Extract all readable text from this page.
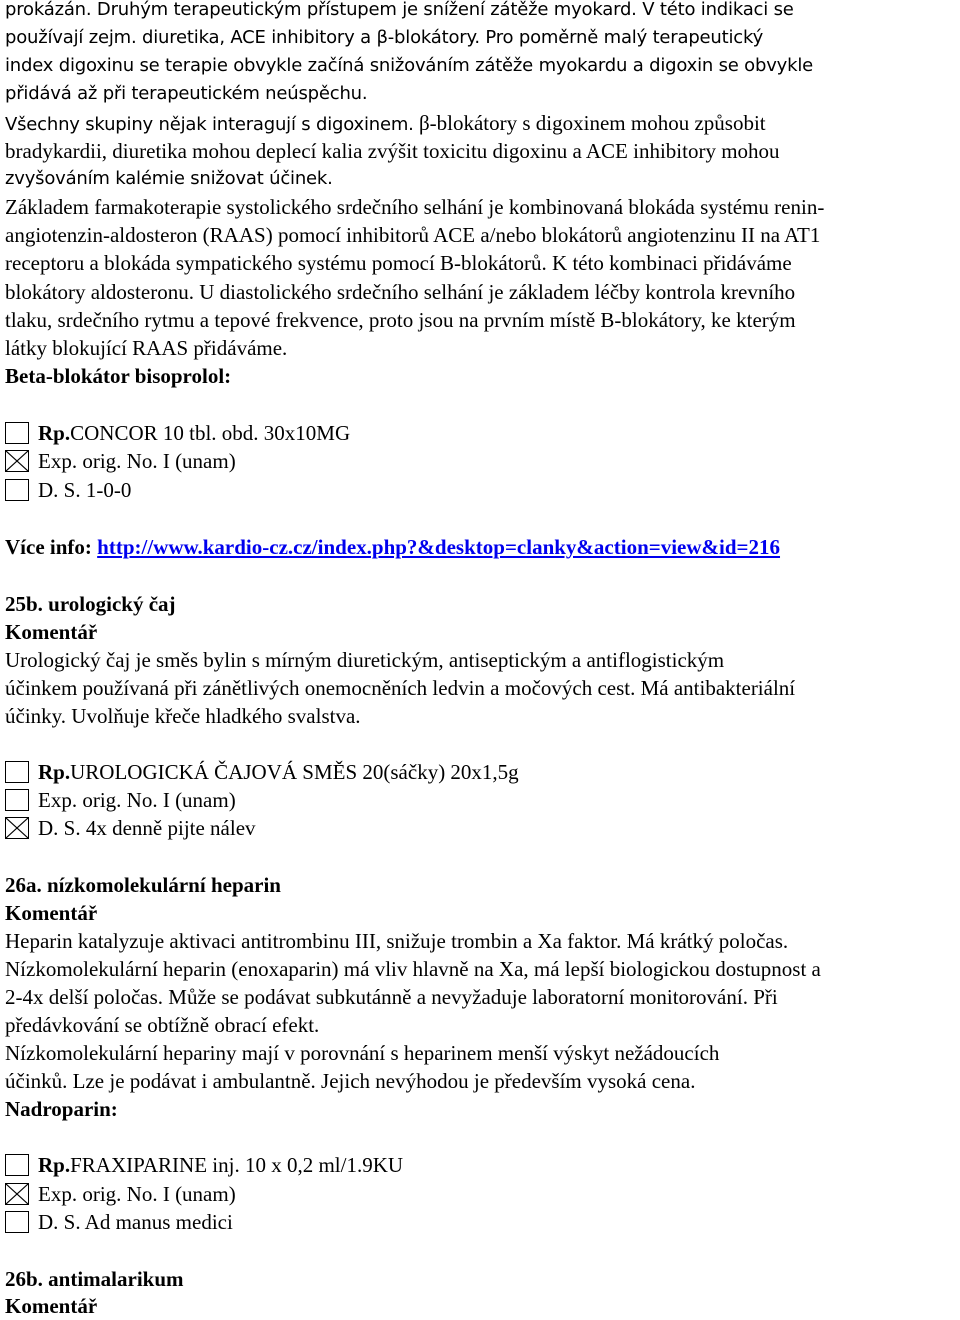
prokázán. Druhým terapeutickým přístupem je snížení zátěže myokard. V této indikaci se
používají zejm. diuretika, ACE inhibitory a β-blokátory. Pro poměrně malý terapeutický
index digoxinu se terapie obvykle začíná snižováním zátěže myokardu a digoxin se obvykle
přidává až při terapeutickém neúspěchu.
Všechny skupiny nějak interagují s digoxinem. β-blokátory s digoxinem mohou způsobit
bradykardii, diuretika mohou deplecí kalia zvýšit toxicitu digoxinu a ACE inhibitory mohou
zvyšováním kalémie snižovat účinek.
Základem farmakoterapie systolického srdečního selhání je kombinovaná blokáda systému renin-
angiotenzin-aldosteron (RAAS) pomocí inhibitorů ACE a/nebo blokátorů angiotenzinu II na AT1
receptoru a blokáda sympatického systému pomocí Β-blokátorů. K této kombinaci přidáváme
blokátory aldosteronu. U diastolického srdečního selhání je základem léčby kontrola krevního
tlaku, srdečního rytmu a tepové frekvence, proto jsou na prvním místě Β-blokátory, ke kterým
látky blokující RAAS přidáváme.
Beta-blokátor bisoprolol:
Rp. CONCOR 10 tbl. obd. 30x10MG
Exp. orig. No. I (unam)
D. S. 1-0-0
Více info: http://www.kardio-cz.cz/index.php?&desktop=clanky&action=view&id=216
25b. urologický čaj
Komentář
Urologický čaj je směs bylin s mírným diuretickým, antiseptickým a antiflogistickým
účinkem používaná při zánětlivých onemocněních ledvin a močových cest. Má antibakteriální
účinky. Uvolňuje křeče hladkého svalstva.
Rp. UROLOGICKÁ ČAJOVÁ SMĚS 20(sáčky) 20x1,5g
Exp. orig. No. I (unam)
D. S. 4x denně pijte nálev
26a. nízkomolekulární heparin
Komentář
Heparin katalyzuje aktivaci antitrombinu III, snižuje trombin a Xa faktor. Má krátký poločas.
Nízkomolekulární heparin (enoxaparin) má vliv hlavně na Xa, má lepší biologickou dostupnost a
2-4x delší poločas. Může se podávat subkutánně a nevyžaduje laboratorní monitorování. Při
předávkování se obtížně obrací efekt.
Nízkomolekulární hepariny mají v porovnání s heparinem menší výskyt nežádoucích
účinků. Lze je podávat i ambulantně. Jejich nevýhodou je především vysoká cena.
Nadroparin:
Rp. FRAXIPARINE inj. 10 x 0,2 ml/1.9KU
Exp. orig. No. I (unam)
D. S. Ad manus medici
26b. antimalarikum
Komentář
